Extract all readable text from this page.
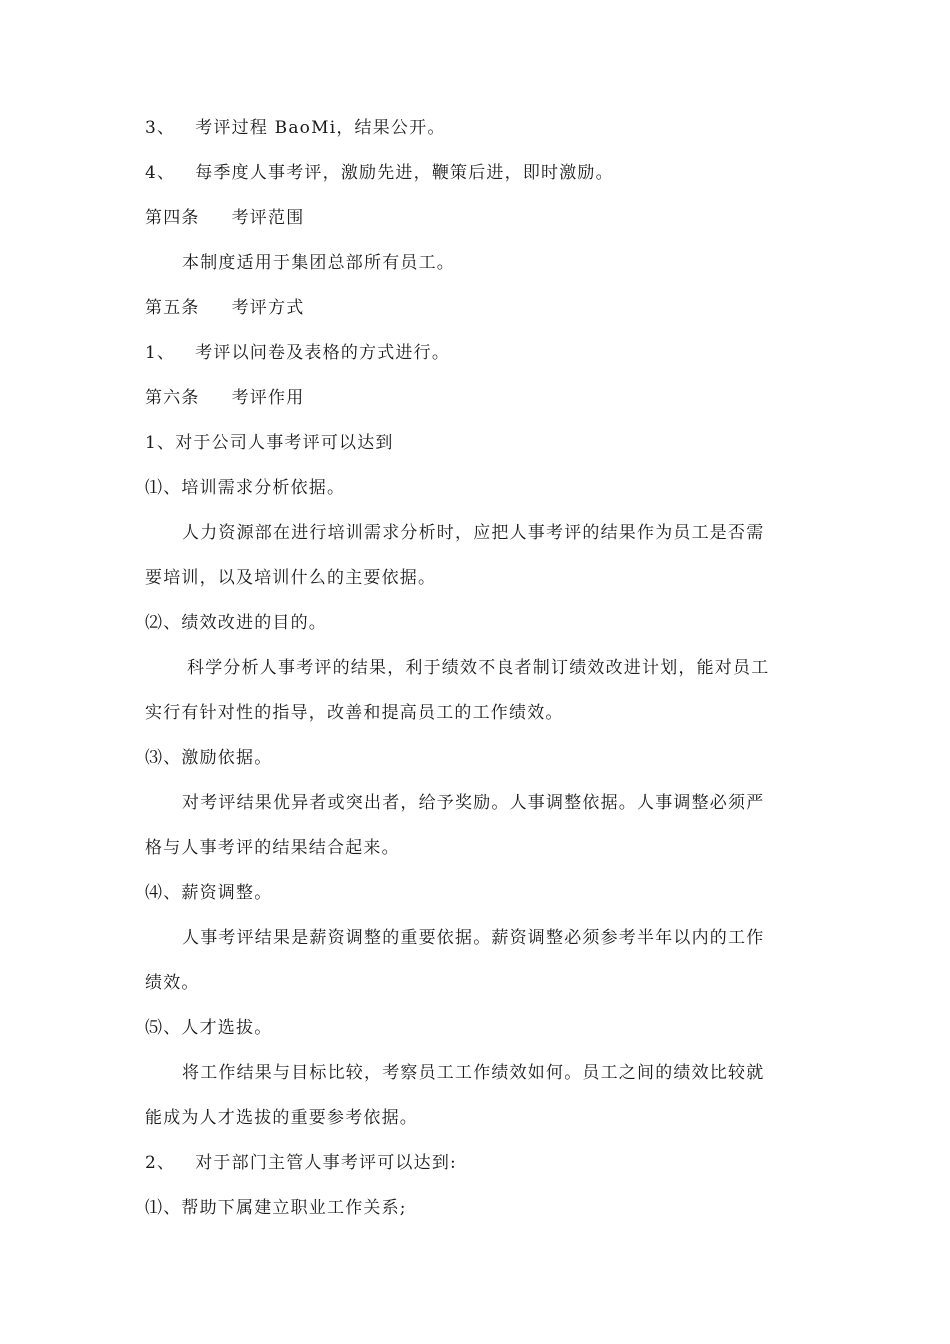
3、 考评过程 BaoMi，结果公开。
4、 每季度人事考评，激励先进，鞭策后进，即时激励。
第四条 考评范围
本制度适用于集团总部所有员工。
第五条 考评方式
1、 考评以问卷及表格的方式进行。
第六条 考评作用
1、对于公司人事考评可以达到
⑴、培训需求分析依据。
人力资源部在进行培训需求分析时，应把人事考评的结果作为员工是否需
要培训，以及培训什么的主要依据。
⑵、绩效改进的目的。
科学分析人事考评的结果，利于绩效不良者制订绩效改进计划，能对员工
实行有针对性的指导，改善和提高员工的工作绩效。
⑶、激励依据。
对考评结果优异者或突出者，给予奖励。人事调整依据。人事调整必须严
格与人事考评的结果结合起来。
⑷、薪资调整。
人事考评结果是薪资调整的重要依据。薪资调整必须参考半年以内的工作
绩效。
⑸、人才选拔。
将工作结果与目标比较，考察员工工作绩效如何。员工之间的绩效比较就
能成为人才选拔的重要参考依据。
2、 对于部门主管人事考评可以达到:
⑴、帮助下属建立职业工作关系;
